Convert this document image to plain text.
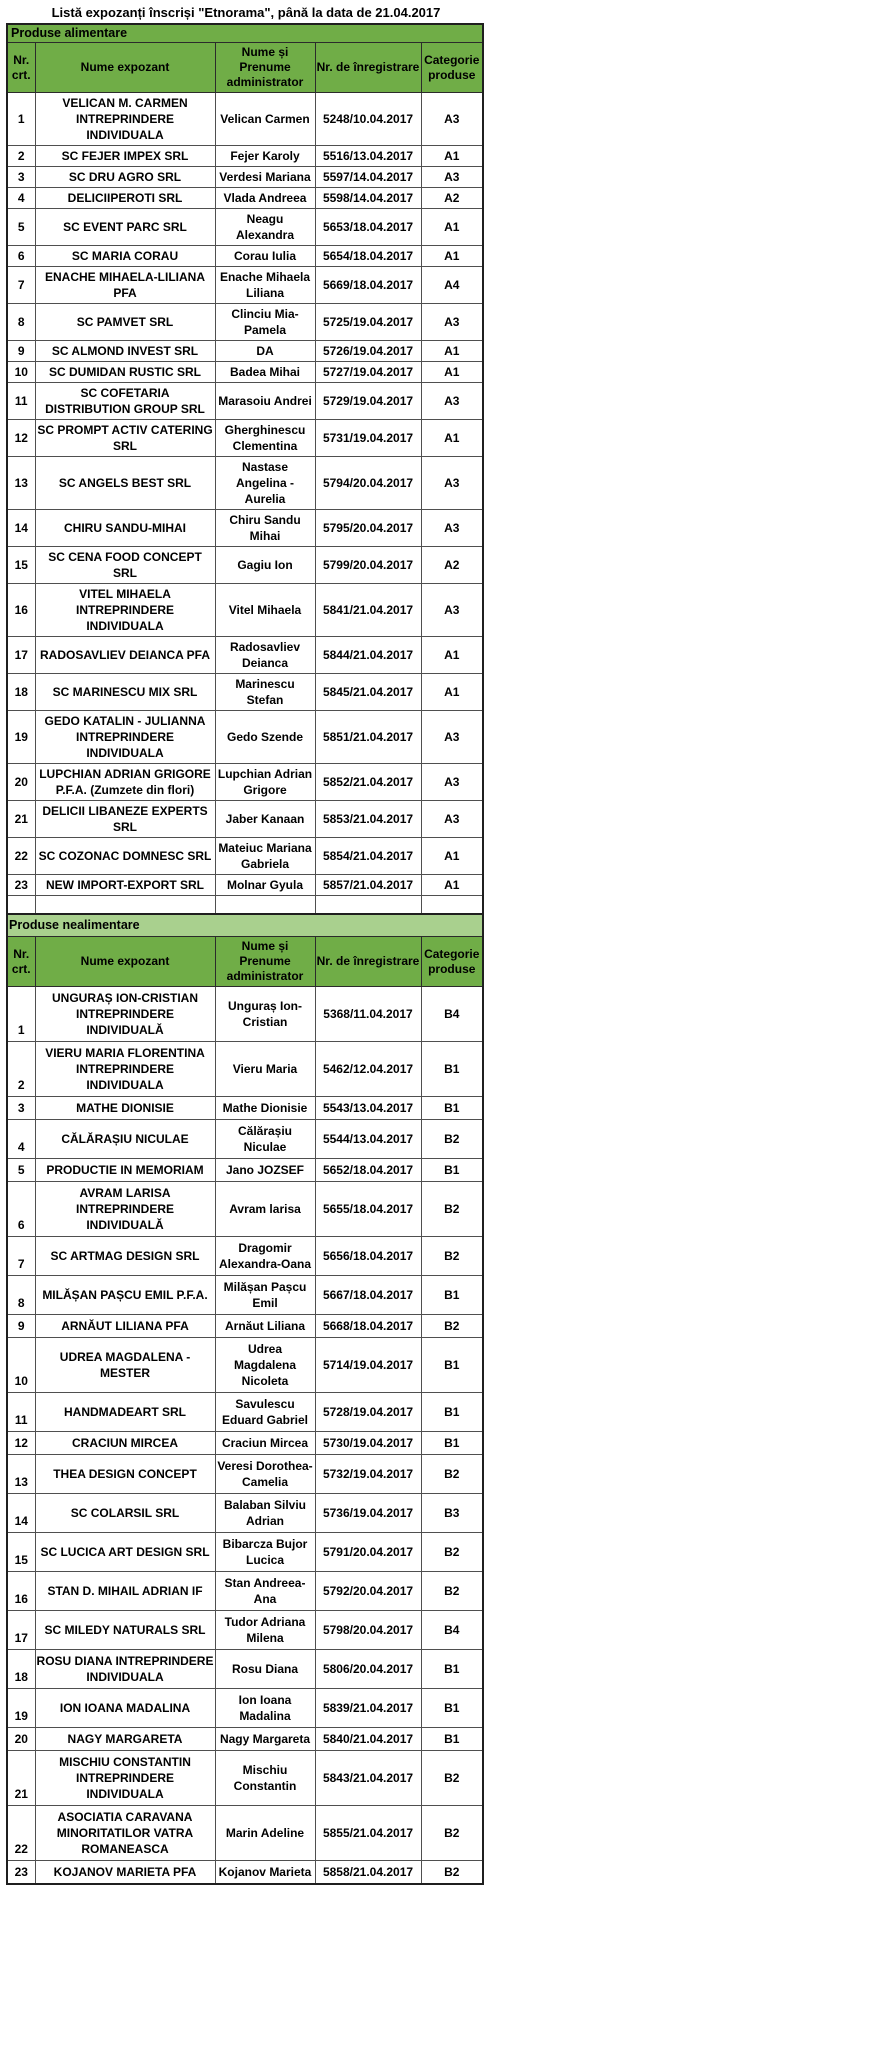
Listă expozanți înscriși "Etnorama", până la data de 21.04.2017
Produse alimentare				
Nr. crt.	Nume expozant	Nume și Prenume administrator	Nr. de înregistrare	Categorie produse
1	VELICAN M. CARMEN INTREPRINDERE INDIVIDUALA	Velican Carmen	5248/10.04.2017	A3
2	SC FEJER IMPEX SRL	Fejer Karoly	5516/13.04.2017	A1
3	SC DRU AGRO SRL	Verdesi Mariana	5597/14.04.2017	A3
4	DELICIIPEROTI SRL	Vlada Andreea	5598/14.04.2017	A2
5	SC EVENT PARC SRL	Neagu Alexandra	5653/18.04.2017	A1
6	SC MARIA CORAU	Corau Iulia	5654/18.04.2017	A1
7	ENACHE MIHAELA-LILIANA PFA	Enache Mihaela Liliana	5669/18.04.2017	A4
8	SC PAMVET SRL	Clinciu Mia-Pamela	5725/19.04.2017	A3
9	SC ALMOND INVEST SRL	DA	5726/19.04.2017	A1
10	SC DUMIDAN RUSTIC SRL	Badea Mihai	5727/19.04.2017	A1
11	SC COFETARIA DISTRIBUTION GROUP SRL	Marasoiu Andrei	5729/19.04.2017	A3
12	SC PROMPT ACTIV CATERING SRL	Gherghinescu Clementina	5731/19.04.2017	A1
13	SC ANGELS BEST SRL	Nastase Angelina - Aurelia	5794/20.04.2017	A3
14	CHIRU SANDU-MIHAI	Chiru Sandu Mihai	5795/20.04.2017	A3
15	SC CENA FOOD CONCEPT SRL	Gagiu Ion	5799/20.04.2017	A2
16	VITEL MIHAELA INTREPRINDERE INDIVIDUALA	Vitel Mihaela	5841/21.04.2017	A3
17	RADOSAVLIEV DEIANCA PFA	Radosavliev Deianca	5844/21.04.2017	A1
18	SC MARINESCU MIX SRL	Marinescu Stefan	5845/21.04.2017	A1
19	GEDO KATALIN - JULIANNA INTREPRINDERE INDIVIDUALA	Gedo Szende	5851/21.04.2017	A3
20	LUPCHIAN ADRIAN GRIGORE P.F.A. (Zumzete din flori)	Lupchian Adrian Grigore	5852/21.04.2017	A3
21	DELICII LIBANEZE EXPERTS SRL	Jaber Kanaan	5853/21.04.2017	A3
22	SC COZONAC DOMNESC SRL	Mateiuc Mariana Gabriela	5854/21.04.2017	A1
23	NEW IMPORT-EXPORT SRL	Molnar Gyula	5857/21.04.2017	A1

Produse nealimentare				
Nr. crt.	Nume expozant	Nume și Prenume administrator	Nr. de înregistrare	Categorie produse
1	UNGURAȘ ION-CRISTIAN INTREPRINDERE INDIVIDUALĂ	Unguraș Ion-Cristian	5368/11.04.2017	B4
2	VIERU MARIA FLORENTINA INTREPRINDERE INDIVIDUALA	Vieru Maria	5462/12.04.2017	B1
3	MATHE DIONISIE	Mathe Dionisie	5543/13.04.2017	B1
4	CĂLĂRAȘIU NICULAE	Călărașiu Niculae	5544/13.04.2017	B2
5	PRODUCTIE IN MEMORIAM	Jano JOZSEF	5652/18.04.2017	B1
6	AVRAM LARISA INTREPRINDERE INDIVIDUALĂ	Avram larisa	5655/18.04.2017	B2
7	SC ARTMAG DESIGN SRL	Dragomir Alexandra-Oana	5656/18.04.2017	B2
8	MILĂȘAN PAȘCU EMIL P.F.A.	Milășan Pașcu Emil	5667/18.04.2017	B1
9	ARNĂUT LILIANA PFA	Arnăut Liliana	5668/18.04.2017	B2
10	UDREA MAGDALENA - MESTER	Udrea Magdalena Nicoleta	5714/19.04.2017	B1
11	HANDMADEART SRL	Savulescu Eduard Gabriel	5728/19.04.2017	B1
12	CRACIUN MIRCEA	Craciun Mircea	5730/19.04.2017	B1
13	THEA DESIGN CONCEPT	Veresi Dorothea- Camelia	5732/19.04.2017	B2
14	SC COLARSIL SRL	Balaban Silviu Adrian	5736/19.04.2017	B3
15	SC LUCICA ART DESIGN SRL	Bibarcza Bujor Lucica	5791/20.04.2017	B2
16	STAN D. MIHAIL ADRIAN IF	Stan Andreea- Ana	5792/20.04.2017	B2
17	SC MILEDY NATURALS SRL	Tudor Adriana Milena	5798/20.04.2017	B4
18	ROSU DIANA INTREPRINDERE INDIVIDUALA	Rosu Diana	5806/20.04.2017	B1
19	ION IOANA MADALINA	Ion Ioana Madalina	5839/21.04.2017	B1
20	NAGY MARGARETA	Nagy Margareta	5840/21.04.2017	B1
21	MISCHIU CONSTANTIN INTREPRINDERE INDIVIDUALA	Mischiu Constantin	5843/21.04.2017	B2
22	ASOCIATIA CARAVANA MINORITATILOR VATRA ROMANEASCA	Marin Adeline	5855/21.04.2017	B2
23	KOJANOV MARIETA PFA	Kojanov Marieta	5858/21.04.2017	B2
